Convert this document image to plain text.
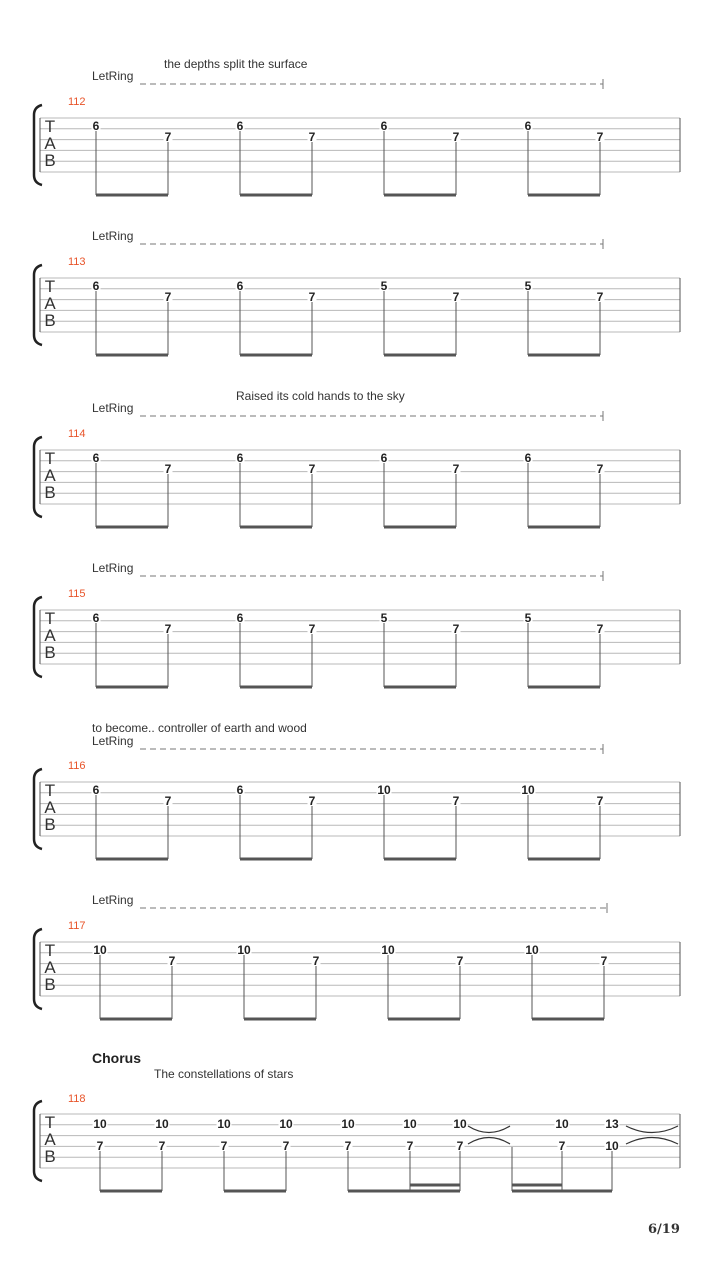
T
A
B
6
7
6
7
6
7
6
7
T
A
B
6
7
6
7
5
7
5
7
T
A
B
6
7
6
7
6
7
6
7
T
A
B
6
7
6
7
5
7
5
7
T
A
B
6
7
6
7
10
7
10
7
T
A
B
10
7
10
7
10
7
10
7
T
A
B
10
7
10
7
10
7
10
7
10
7
10
7
10
7
10
7
13
10
112
the depths split the surface
LetRing
113
LetRing
114
Raised its cold hands to the sky
LetRing
115
LetRing
116
to become.. controller of earth and wood
LetRing
117
LetRing
118
The constellations of stars
Chorus
6/19
